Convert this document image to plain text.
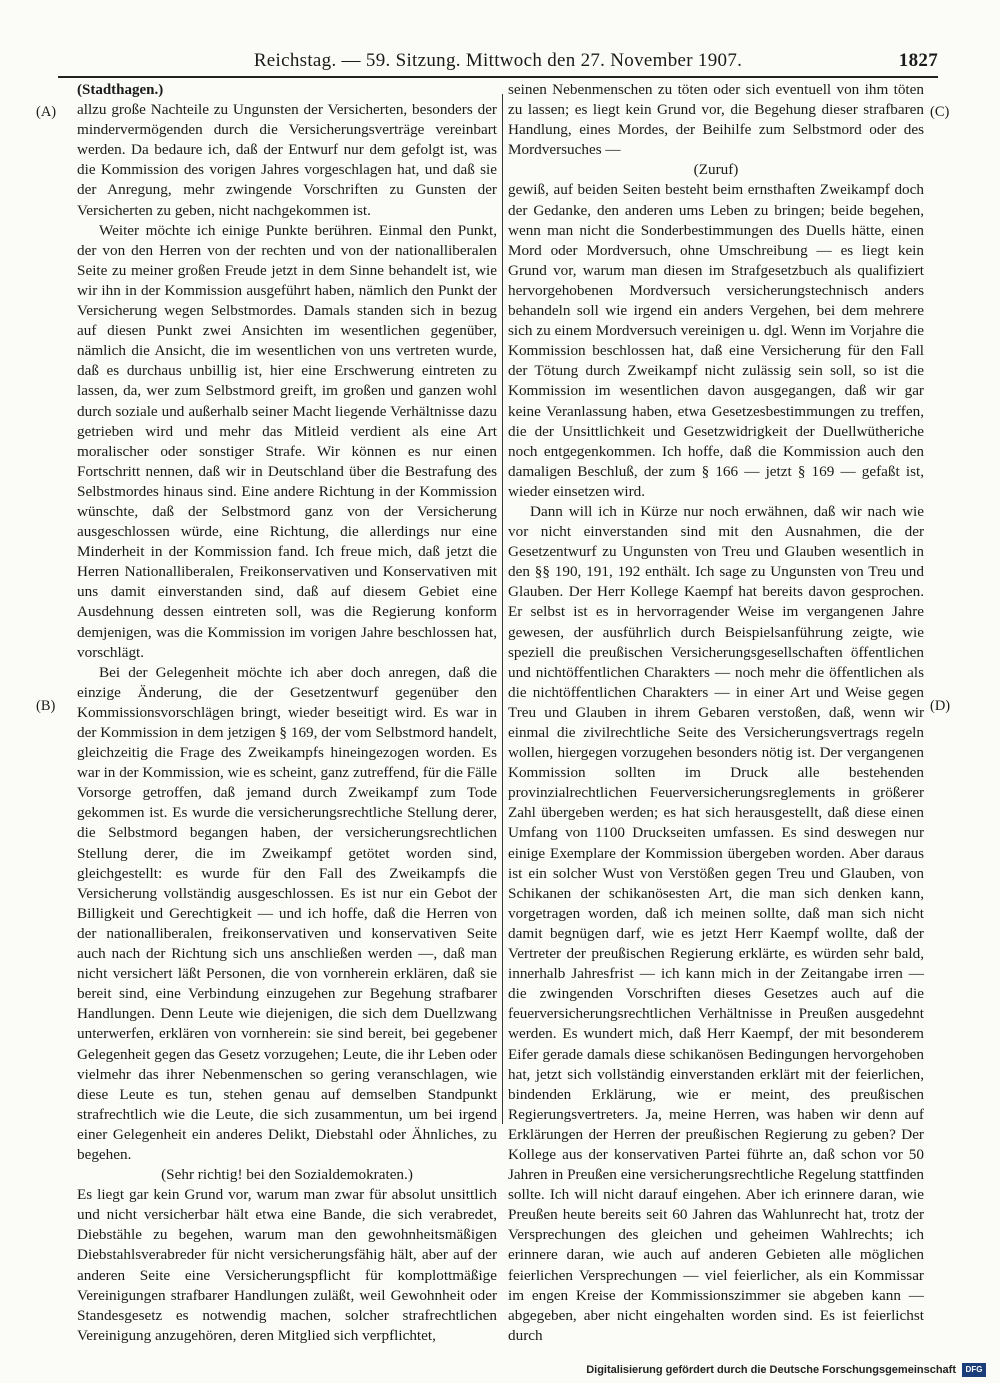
Reichstag. — 59. Sitzung. Mittwoch den 27. November 1907.	1827
(A)
(B)
(C)
(D)

(Stadthagen.)

allzu große Nachteile zu Ungunsten der Versicherten, besonders der mindervermögenden durch die Versicherungsverträge vereinbart werden. Da bedaure ich, daß der Entwurf nur dem gefolgt ist, was die Kommission des vorigen Jahres vorgeschlagen hat, und daß sie der Anregung, mehr zwingende Vorschriften zu Gunsten der Versicherten zu geben, nicht nachgekommen ist.

Weiter möchte ich einige Punkte berühren. Einmal den Punkt, der von den Herren von der rechten und von der nationalliberalen Seite zu meiner großen Freude jetzt in dem Sinne behandelt ist, wie wir ihn in der Kommission ausgeführt haben, nämlich den Punkt der Versicherung wegen Selbstmordes. Damals standen sich in bezug auf diesen Punkt zwei Ansichten im wesentlichen gegenüber, nämlich die Ansicht, die im wesentlichen von uns vertreten wurde, daß es durchaus unbillig ist, hier eine Erschwerung eintreten zu lassen, da, wer zum Selbstmord greift, im großen und ganzen wohl durch soziale und außerhalb seiner Macht liegende Verhältnisse dazu getrieben wird und mehr das Mitleid verdient als eine Art moralischer oder sonstiger Strafe. Wir können es nur einen Fortschritt nennen, daß wir in Deutschland über die Bestrafung des Selbstmordes hinaus sind. Eine andere Richtung in der Kommission wünschte, daß der Selbstmord ganz von der Versicherung ausgeschlossen würde, eine Richtung, die allerdings nur eine Minderheit in der Kommission fand. Ich freue mich, daß jetzt die Herren Nationalliberalen, Freikonservativen und Konservativen mit uns damit einverstanden sind, daß auf diesem Gebiet eine Ausdehnung dessen eintreten soll, was die Regierung konform demjenigen, was die Kommission im vorigen Jahre beschlossen hat, vorschlägt.

Bei der Gelegenheit möchte ich aber doch anregen, daß die einzige Änderung, die der Gesetzentwurf gegenüber den Kommissionsvorschlägen bringt, wieder beseitigt wird. Es war in der Kommission in dem jetzigen § 169, der vom Selbstmord handelt, gleichzeitig die Frage des Zweikampfs hineingezogen worden. Es war in der Kommission, wie es scheint, ganz zutreffend, für die Fälle Vorsorge getroffen, daß jemand durch Zweikampf zum Tode gekommen ist. Es wurde die versicherungsrechtliche Stellung derer, die Selbstmord begangen haben, der versicherungsrechtlichen Stellung derer, die im Zweikampf getötet worden sind, gleichgestellt: es wurde für den Fall des Zweikampfs die Versicherung vollständig ausgeschlossen. Es ist nur ein Gebot der Billigkeit und Gerechtigkeit — und ich hoffe, daß die Herren von der nationalliberalen, freikonservativen und konservativen Seite auch nach der Richtung sich uns anschließen werden —, daß man nicht versichert läßt Personen, die von vornherein erklären, daß sie bereit sind, eine Verbindung einzugehen zur Begehung strafbarer Handlungen. Denn Leute wie diejenigen, die sich dem Duellzwang unterwerfen, erklären von vornherein: sie sind bereit, bei gegebener Gelegenheit gegen das Gesetz vorzugehen; Leute, die ihr Leben oder vielmehr das ihrer Nebenmenschen so gering veranschlagen, wie diese Leute es tun, stehen genau auf demselben Standpunkt strafrechtlich wie die Leute, die sich zusammentun, um bei irgend einer Gelegenheit ein anderes Delikt, Diebstahl oder Ähnliches, zu begehen.

(Sehr richtig! bei den Sozialdemokraten.)

Es liegt gar kein Grund vor, warum man zwar für absolut unsittlich und nicht versicherbar hält etwa eine Bande, die sich verabredet, Diebstähle zu begehen, warum man den gewohnheitsmäßigen Diebstahlsverabreder für nicht versicherungsfähig hält, aber auf der anderen Seite eine Versicherungspflicht für komplottmäßige Vereinigungen strafbarer Handlungen zuläßt, weil Gewohnheit oder Standesgesetz es notwendig machen, solcher strafrechtlichen Vereinigung anzugehören, deren Mitglied sich verpflichtet,

seinen Nebenmenschen zu töten oder sich eventuell von ihm töten zu lassen; es liegt kein Grund vor, die Begehung dieser strafbaren Handlung, eines Mordes, der Beihilfe zum Selbstmord oder des Mordversuches —

(Zuruf)

gewiß, auf beiden Seiten besteht beim ernsthaften Zweikampf doch der Gedanke, den anderen ums Leben zu bringen; beide begehen, wenn man nicht die Sonderbestimmungen des Duells hätte, einen Mord oder Mordversuch, ohne Umschreibung — es liegt kein Grund vor, warum man diesen im Strafgesetzbuch als qualifiziert hervorgehobenen Mordversuch versicherungstechnisch anders behandeln soll wie irgend ein anders Vergehen, bei dem mehrere sich zu einem Mordversuch vereinigen u. dgl. Wenn im Vorjahre die Kommission beschlossen hat, daß eine Versicherung für den Fall der Tötung durch Zweikampf nicht zulässig sein soll, so ist die Kommission im wesentlichen davon ausgegangen, daß wir gar keine Veranlassung haben, etwa Gesetzesbestimmungen zu treffen, die der Unsittlichkeit und Gesetzwidrigkeit der Duellwütheriche noch entgegenkommen. Ich hoffe, daß die Kommission auch den damaligen Beschluß, der zum § 166 — jetzt § 169 — gefaßt ist, wieder einsetzen wird.

Dann will ich in Kürze nur noch erwähnen, daß wir nach wie vor nicht einverstanden sind mit den Ausnahmen, die der Gesetzentwurf zu Ungunsten von Treu und Glauben wesentlich in den §§ 190, 191, 192 enthält. Ich sage zu Ungunsten von Treu und Glauben. Der Herr Kollege Kaempf hat bereits davon gesprochen. Er selbst ist es in hervorragender Weise im vergangenen Jahre gewesen, der ausführlich durch Beispielsanführung zeigte, wie speziell die preußischen Versicherungsgesellschaften öffentlichen und nichtöffentlichen Charakters — noch mehr die öffentlichen als die nichtöffentlichen Charakters — in einer Art und Weise gegen Treu und Glauben in ihrem Gebaren verstoßen, daß, wenn wir einmal die zivilrechtliche Seite des Versicherungsvertrags regeln wollen, hiergegen vorzugehen besonders nötig ist. Der vergangenen Kommission sollten im Druck alle bestehenden provinzialrechtlichen Feuerversicherungsreglements in größerer Zahl übergeben werden; es hat sich herausgestellt, daß diese einen Umfang von 1100 Druckseiten umfassen. Es sind deswegen nur einige Exemplare der Kommission übergeben worden. Aber daraus ist ein solcher Wust von Verstößen gegen Treu und Glauben, von Schikanen der schikanösesten Art, die man sich denken kann, vorgetragen worden, daß ich meinen sollte, daß man sich nicht damit begnügen darf, wie es jetzt Herr Kaempf wollte, daß der Vertreter der preußischen Regierung erklärte, es würden sehr bald, innerhalb Jahresfrist — ich kann mich in der Zeitangabe irren — die zwingenden Vorschriften dieses Gesetzes auch auf die feuerversicherungsrechtlichen Verhältnisse in Preußen ausgedehnt werden. Es wundert mich, daß Herr Kaempf, der mit besonderem Eifer gerade damals diese schikanösen Bedingungen hervorgehoben hat, jetzt sich vollständig einverstanden erklärt mit der feierlichen, bindenden Erklärung, wie er meint, des preußischen Regierungsvertreters. Ja, meine Herren, was haben wir denn auf Erklärungen der Herren der preußischen Regierung zu geben? Der Kollege aus der konservativen Partei führte an, daß schon vor 50 Jahren in Preußen eine versicherungsrechtliche Regelung stattfinden sollte. Ich will nicht darauf eingehen. Aber ich erinnere daran, wie Preußen heute bereits seit 60 Jahren das Wahlunrecht hat, trotz der Versprechungen des gleichen und geheimen Wahlrechts; ich erinnere daran, wie auch auf anderen Gebieten alle möglichen feierlichen Versprechungen — viel feierlicher, als ein Kommissar im engen Kreise der Kommissionszimmer sie abgeben kann — abgegeben, aber nicht eingehalten worden sind. Es ist feierlichst durch

Digitalisierung gefördert durch die Deutsche Forschungsgemeinschaft	DFG
